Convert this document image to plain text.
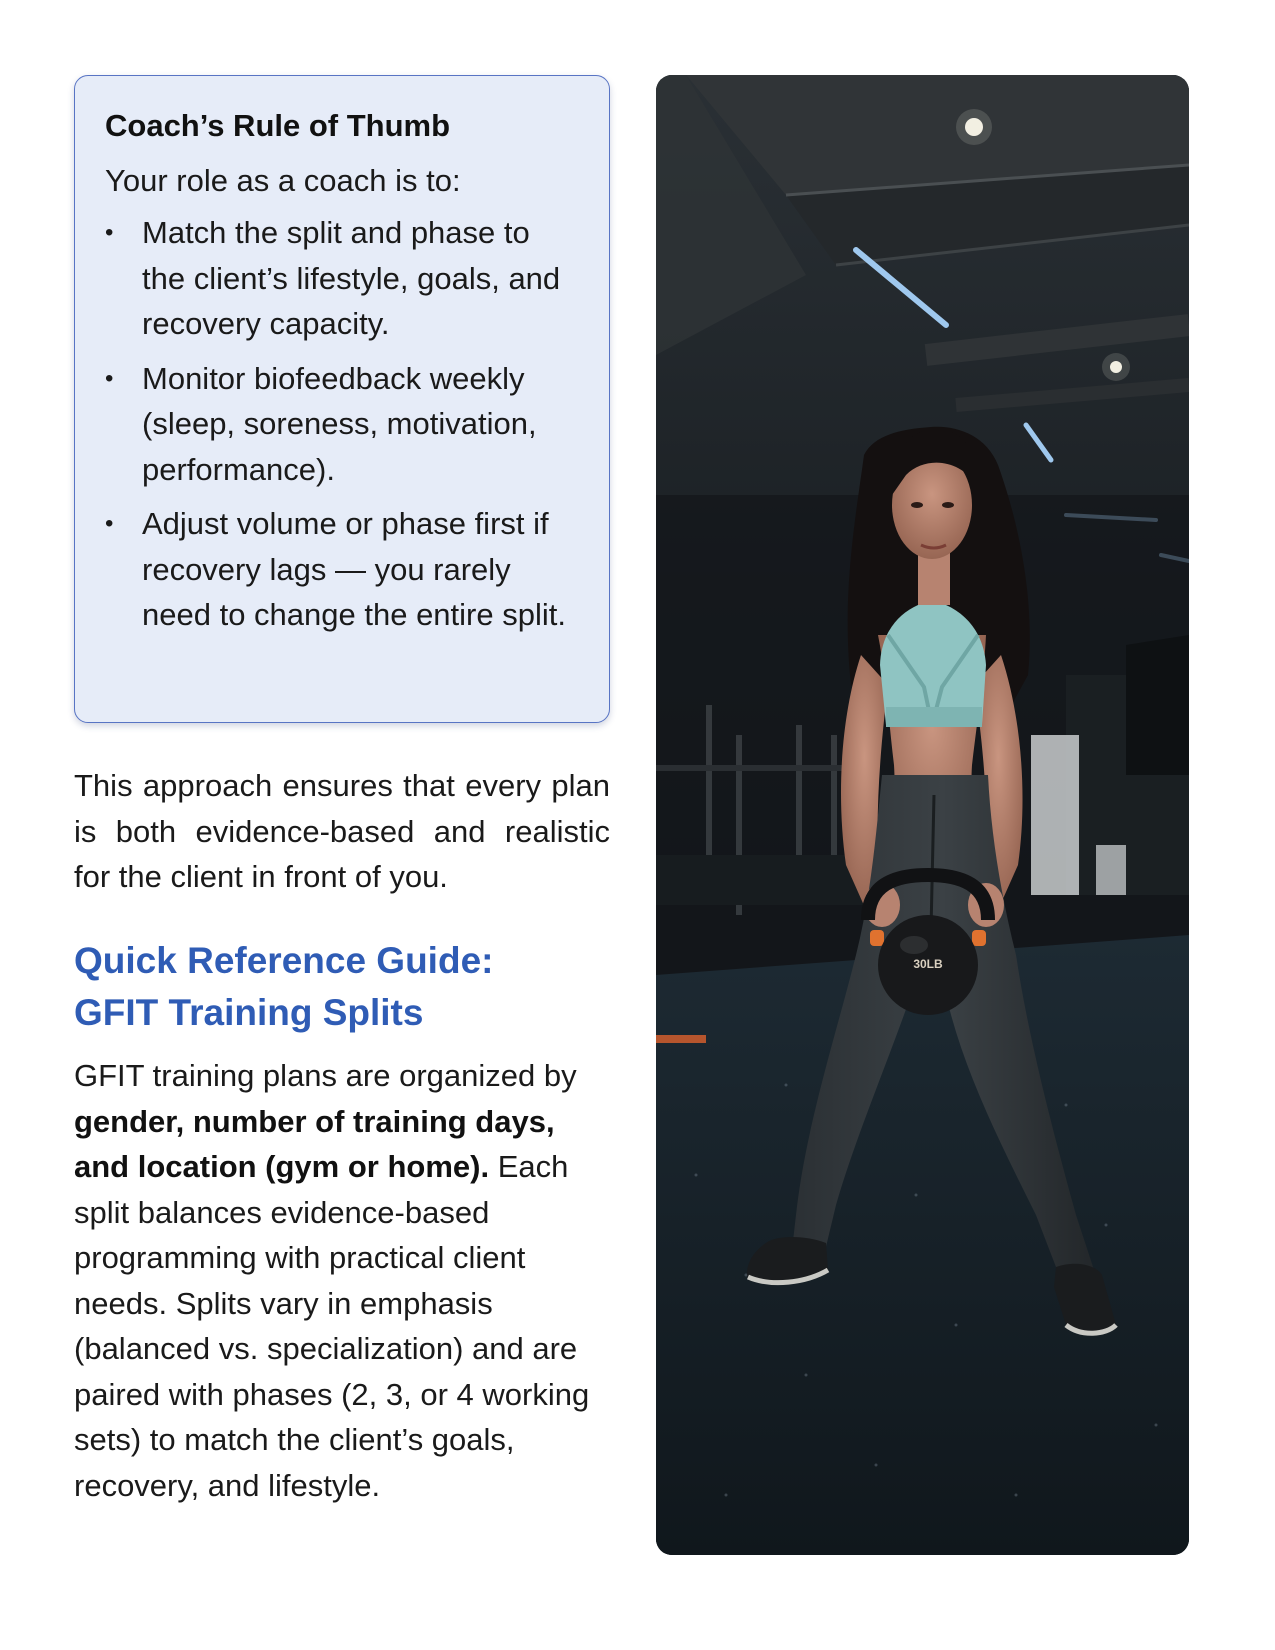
Coach’s Rule of Thumb
Your role as a coach is to:
• Match the split and phase to the client’s lifestyle, goals, and recovery capacity.
• Monitor biofeedback weekly (sleep, soreness, motivation, performance).
• Adjust volume or phase first if recovery lags — you rarely need to change the entire split.

This approach ensures that every plan is both evidence-based and realistic for the client in front of you.

Quick Reference Guide:
GFIT Training Splits

GFIT training plans are organized by gender, number of training days, and location (gym or home). Each split balances evidence-based programming with practical client needs. Splits vary in emphasis (balanced vs. specialization) and are paired with phases (2, 3, or 4 working sets) to match the client’s goals, recovery, and lifestyle.

30LB
